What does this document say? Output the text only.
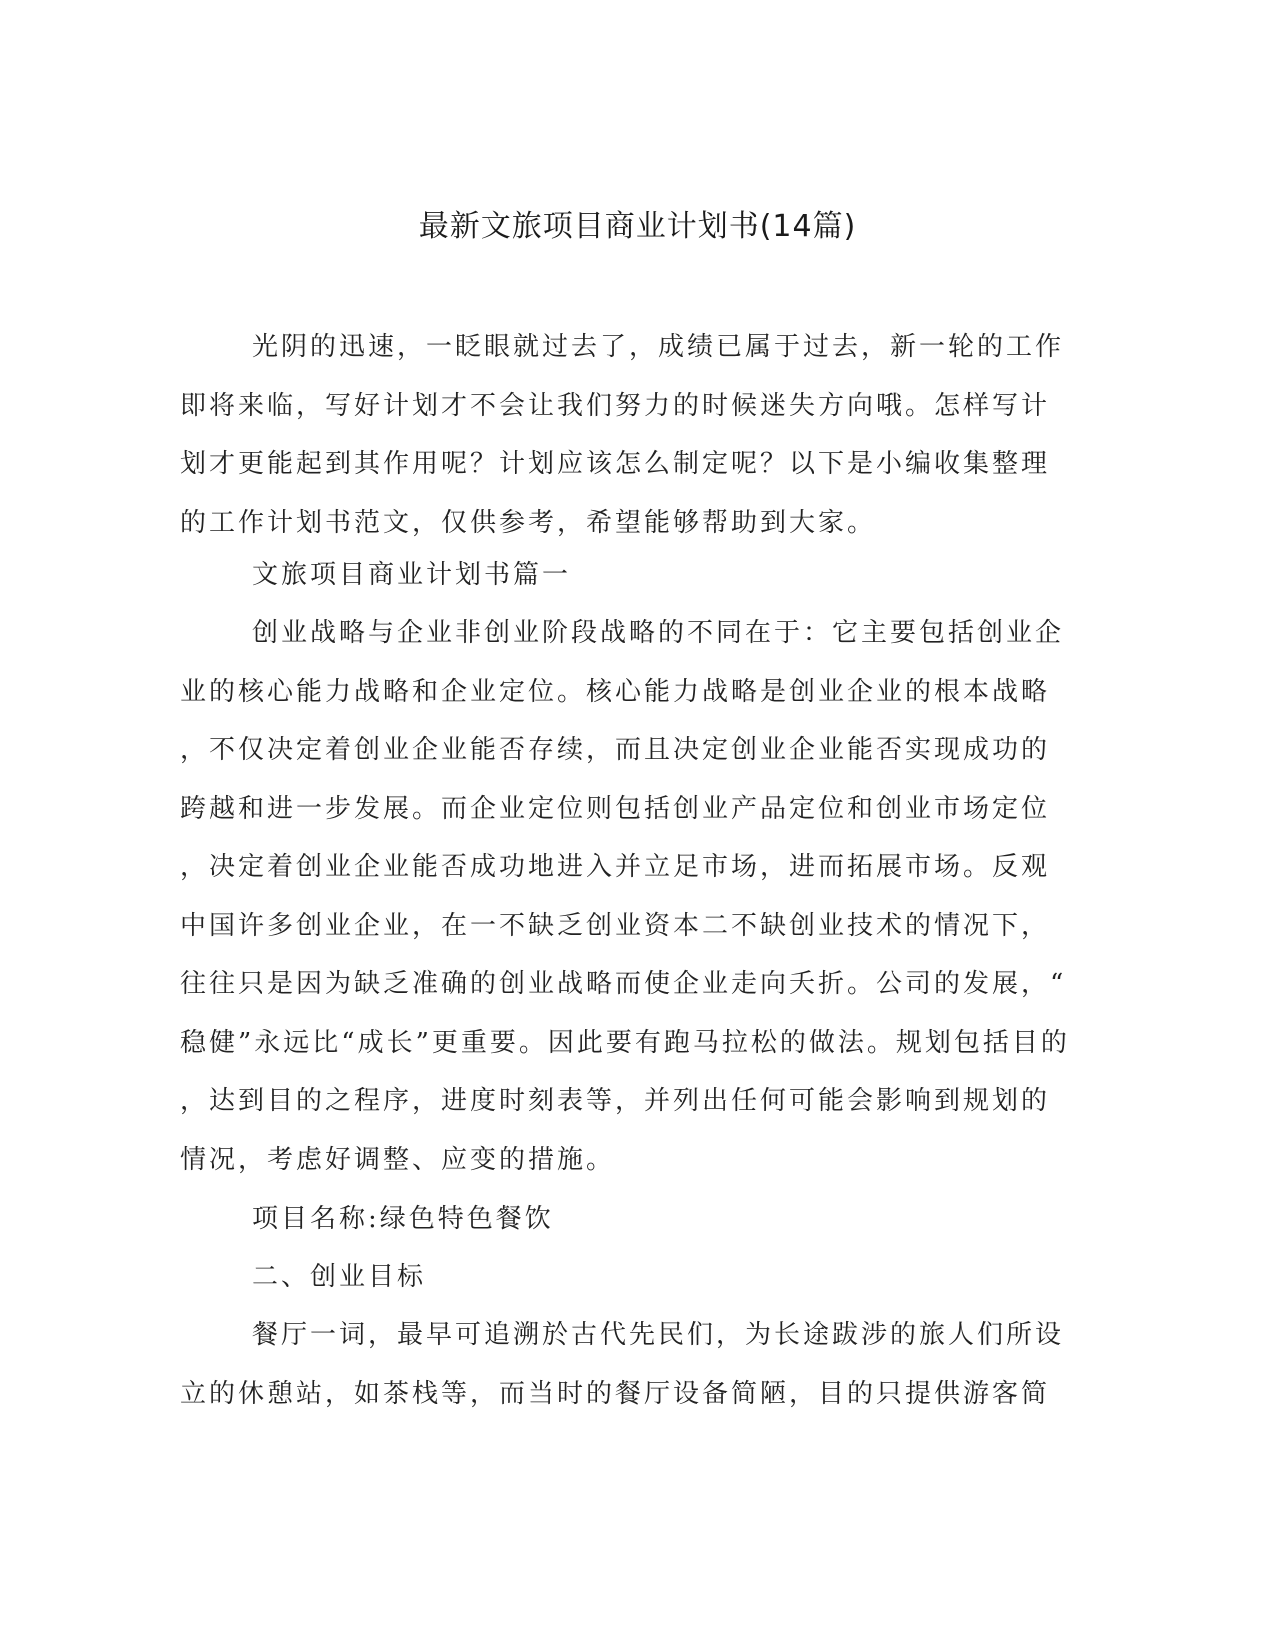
最新文旅项目商业计划书(14篇)
光阴的迅速，一眨眼就过去了，成绩已属于过去，新一轮的工作
即将来临，写好计划才不会让我们努力的时候迷失方向哦。怎样写计
划才更能起到其作用呢？计划应该怎么制定呢？以下是小编收集整理
的工作计划书范文，仅供参考，希望能够帮助到大家。
文旅项目商业计划书篇一
创业战略与企业非创业阶段战略的不同在于：它主要包括创业企
业的核心能力战略和企业定位。核心能力战略是创业企业的根本战略
，不仅决定着创业企业能否存续，而且决定创业企业能否实现成功的
跨越和进一步发展。而企业定位则包括创业产品定位和创业市场定位
，决定着创业企业能否成功地进入并立足市场，进而拓展市场。反观
中国许多创业企业，在一不缺乏创业资本二不缺创业技术的情况下，
往往只是因为缺乏准确的创业战略而使企业走向夭折。公司的发展，“
稳健”永远比“成长”更重要。因此要有跑马拉松的做法。规划包括目的
，达到目的之程序，进度时刻表等，并列出任何可能会影响到规划的
情况，考虑好调整、应变的措施。
项目名称:绿色特色餐饮
二、创业目标
餐厅一词，最早可追溯於古代先民们，为长途跋涉的旅人们所设
立的休憩站，如茶栈等，而当时的餐厅设备简陋，目的只提供游客简
